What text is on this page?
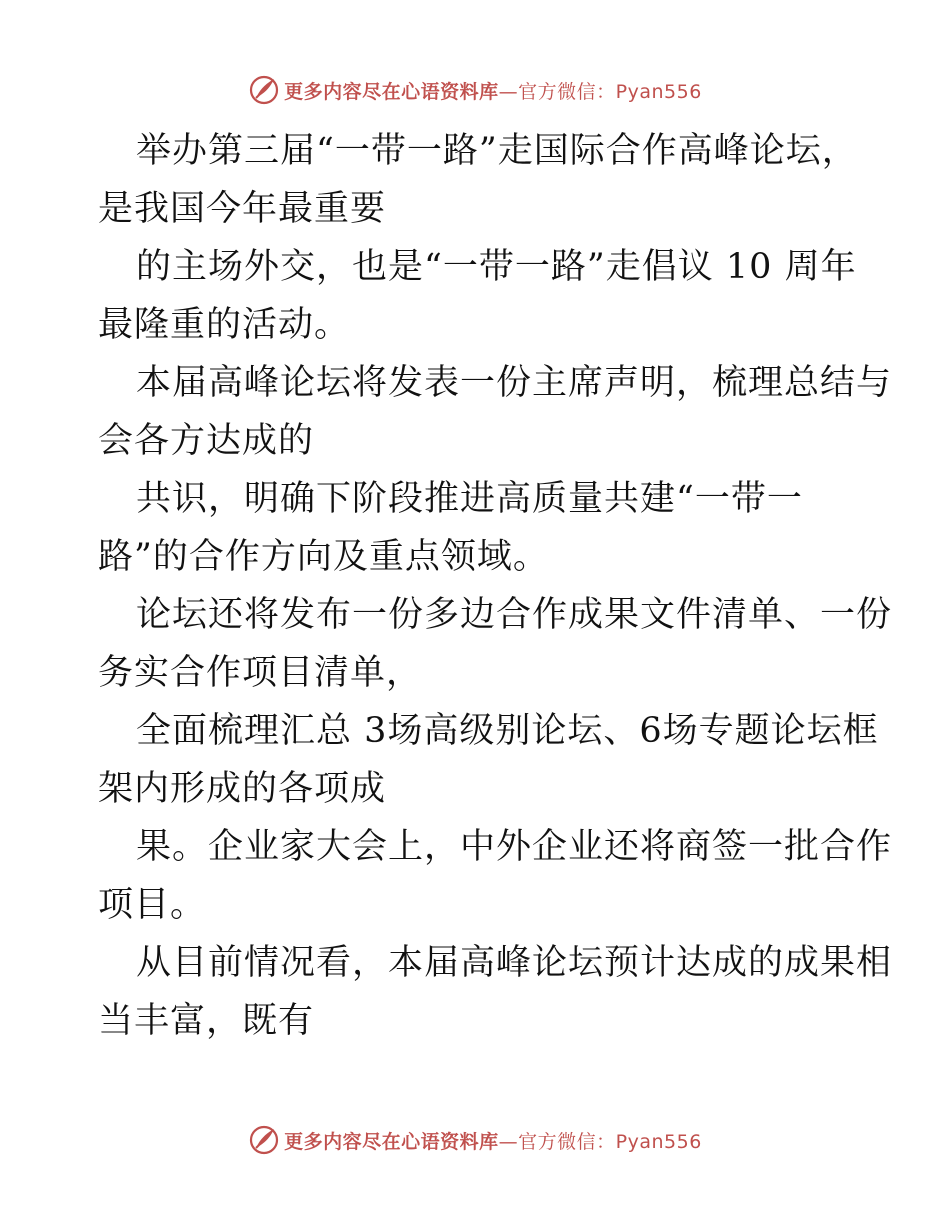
更多内容尽在心语资料库—官方微信：Pyan556
举办第三届“一带一路”走国际合作高峰论坛，
是我国今年最重要
的主场外交，也是“一带一路”走倡议 10 周年
最隆重的活动。
本届高峰论坛将发表一份主席声明，梳理总结与
会各方达成的
共识，明确下阶段推进高质量共建“一带一
路”的合作方向及重点领域。
论坛还将发布一份多边合作成果文件清单、一份
务实合作项目清单，
全面梳理汇总 3场高级别论坛、6场专题论坛框
架内形成的各项成
果。企业家大会上，中外企业还将商签一批合作
项目。
从目前情况看，本届高峰论坛预计达成的成果相
当丰富，既有
更多内容尽在心语资料库—官方微信：Pyan556
